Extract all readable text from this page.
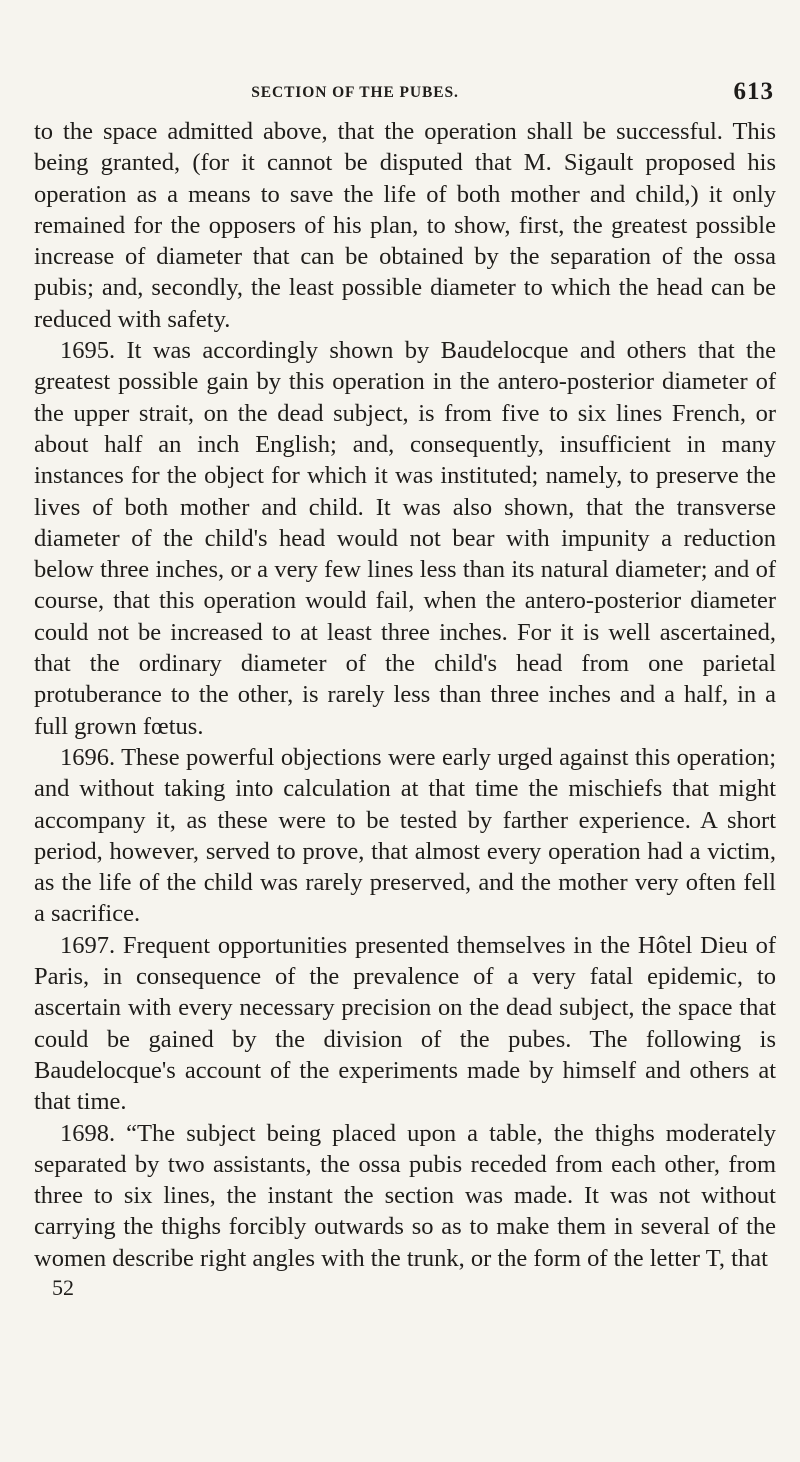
SECTION OF THE PUBES.	613

to the space admitted above, that the operation shall be successful. This being granted, (for it cannot be disputed that M. Sigault proposed his operation as a means to save the life of both mother and child,) it only remained for the opposers of his plan, to show, first, the greatest possible increase of diameter that can be obtained by the separation of the ossa pubis; and, secondly, the least possible diameter to which the head can be reduced with safety.

1695. It was accordingly shown by Baudelocque and others that the greatest possible gain by this operation in the antero-posterior diameter of the upper strait, on the dead subject, is from five to six lines French, or about half an inch English; and, consequently, insufficient in many instances for the object for which it was instituted; namely, to preserve the lives of both mother and child. It was also shown, that the transverse diameter of the child's head would not bear with impunity a reduction below three inches, or a very few lines less than its natural diameter; and of course, that this operation would fail, when the antero-posterior diameter could not be increased to at least three inches. For it is well ascertained, that the ordinary diameter of the child's head from one parietal protuberance to the other, is rarely less than three inches and a half, in a full grown fœtus.

1696. These powerful objections were early urged against this operation; and without taking into calculation at that time the mischiefs that might accompany it, as these were to be tested by farther experience. A short period, however, served to prove, that almost every operation had a victim, as the life of the child was rarely preserved, and the mother very often fell a sacrifice.

1697. Frequent opportunities presented themselves in the Hôtel Dieu of Paris, in consequence of the prevalence of a very fatal epidemic, to ascertain with every necessary precision on the dead subject, the space that could be gained by the division of the pubes. The following is Baudelocque's account of the experiments made by himself and others at that time.

1698. “The subject being placed upon a table, the thighs moderately separated by two assistants, the ossa pubis receded from each other, from three to six lines, the instant the section was made. It was not without carrying the thighs forcibly outwards so as to make them in several of the women describe right angles with the trunk, or the form of the letter T, that

52
